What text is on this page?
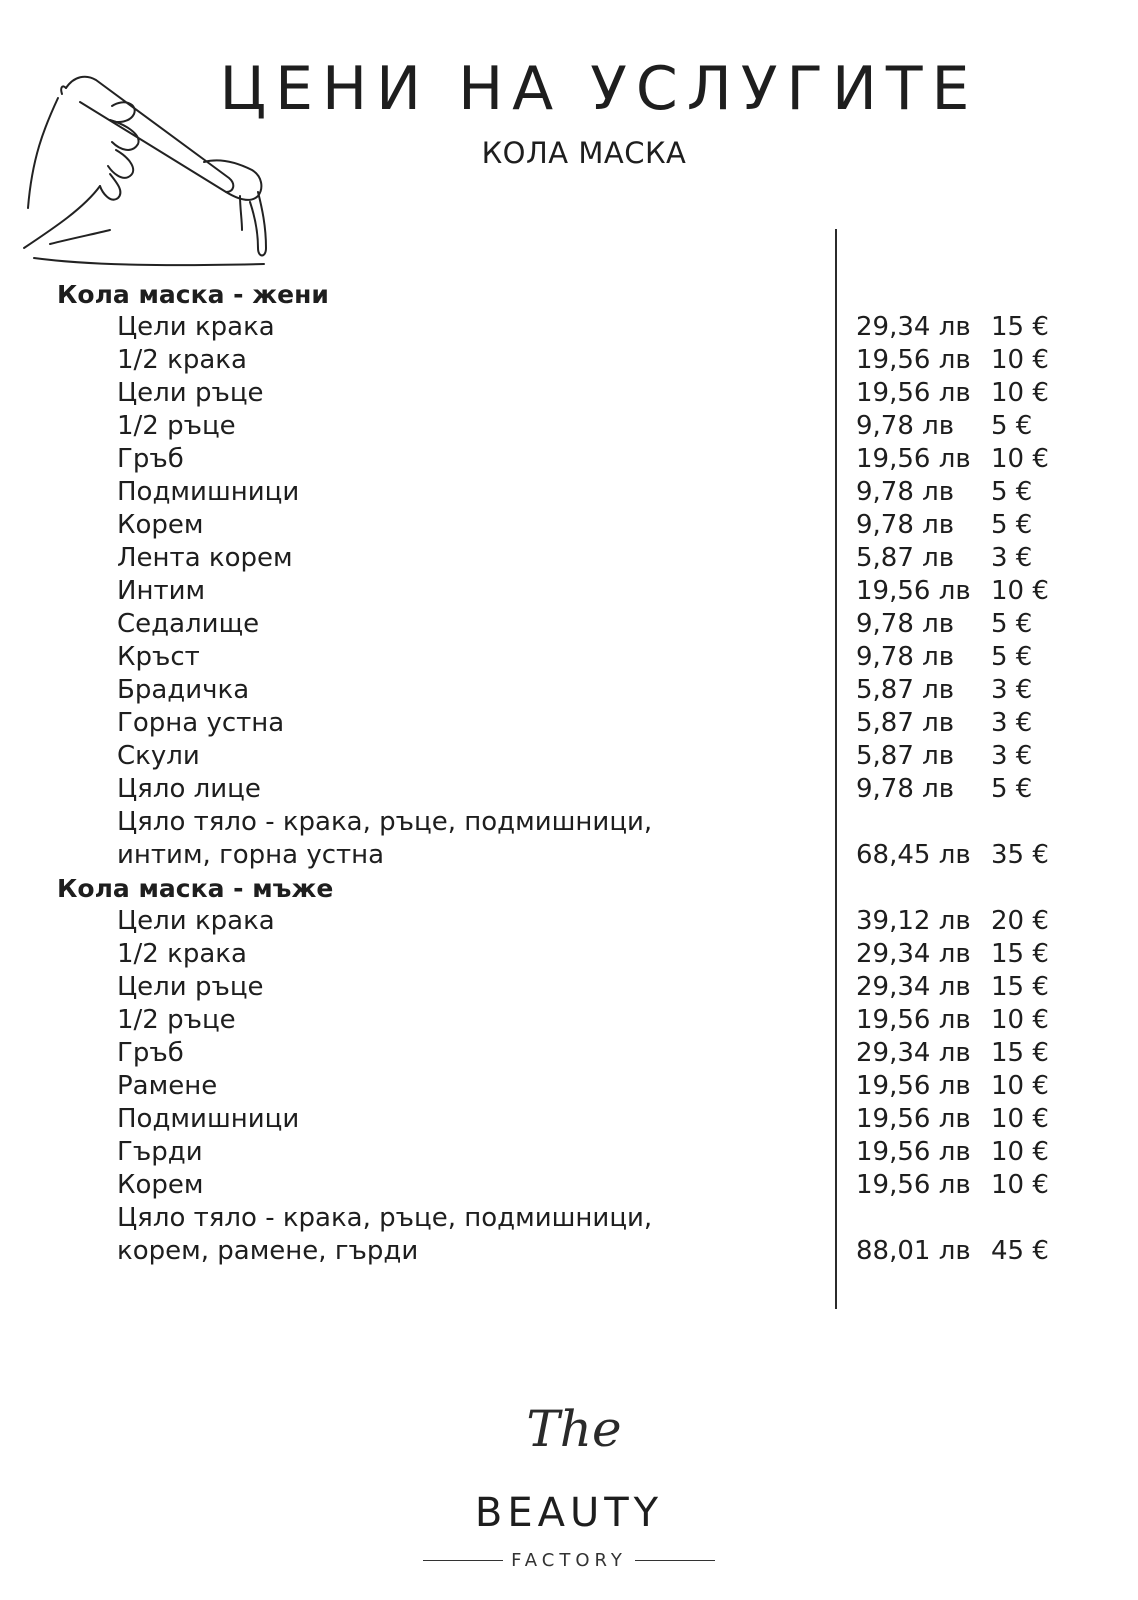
ЦЕНИ НА УСЛУГИТЕ
КОЛА МАСКА
Кола маска - жени
Цели крака	29,34 лв 15 €
1/2 крака	19,56 лв 10 €
Цели ръце	19,56 лв 10 €
1/2 ръце	9,78 лв 5 €
Гръб	19,56 лв 10 €
Подмишници	9,78 лв 5 €
Корем	9,78 лв 5 €
Лента корем	5,87 лв 3 €
Интим	19,56 лв 10 €
Седалище	9,78 лв 5 €
Кръст	9,78 лв 5 €
Брадичка	5,87 лв 3 €
Горна устна	5,87 лв 3 €
Скули	5,87 лв 3 €
Цяло лице	9,78 лв 5 €
Цяло тяло - крака, ръце, подмишници,
интим, горна устна	68,45 лв 35 €
Кола маска - мъже
Цели крака	39,12 лв 20 €
1/2 крака	29,34 лв 15 €
Цели ръце	29,34 лв 15 €
1/2 ръце	19,56 лв 10 €
Гръб	29,34 лв 15 €
Рамене	19,56 лв 10 €
Подмишници	19,56 лв 10 €
Гърди	19,56 лв 10 €
Корем	19,56 лв 10 €
Цяло тяло - крака, ръце, подмишници,
корем, рамене, гърди	88,01 лв 45 €
The
BEAUTY
FACTORY
